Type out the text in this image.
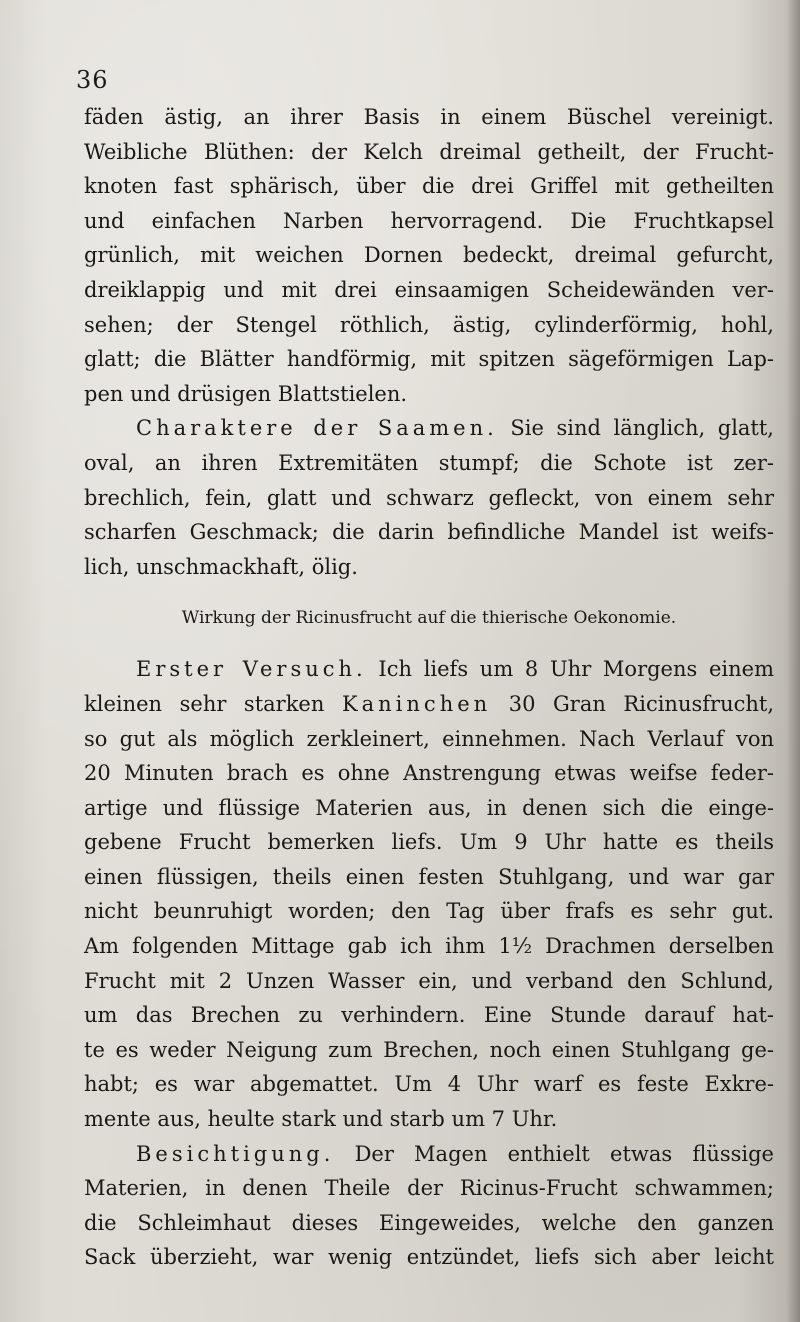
36
fäden ästig, an ihrer Basis in einem Büschel vereinigt.
Weibliche Blüthen: der Kelch dreimal getheilt, der Frucht-
knoten fast sphärisch, über die drei Griffel mit getheilten
und einfachen Narben hervorragend. Die Fruchtkapsel
grünlich, mit weichen Dornen bedeckt, dreimal gefurcht,
dreiklappig und mit drei einsaamigen Scheidewänden ver-
sehen; der Stengel röthlich, ästig, cylinderförmig, hohl,
glatt; die Blätter handförmig, mit spitzen sägeförmigen Lap-
pen und drüsigen Blattstielen.
Charaktere der Saamen. Sie sind länglich, glatt,
oval, an ihren Extremitäten stumpf; die Schote ist zer-
brechlich, fein, glatt und schwarz gefleckt, von einem sehr
scharfen Geschmack; die darin befindliche Mandel ist weifs-
lich, unschmackhaft, ölig.
Wirkung der Ricinusfrucht auf die thierische Oekonomie.
Erster Versuch. Ich liefs um 8 Uhr Morgens einem
kleinen sehr starken Kaninchen 30 Gran Ricinusfrucht,
so gut als möglich zerkleinert, einnehmen. Nach Verlauf von
20 Minuten brach es ohne Anstrengung etwas weifse feder-
artige und flüssige Materien aus, in denen sich die einge-
gebene Frucht bemerken liefs. Um 9 Uhr hatte es theils
einen flüssigen, theils einen festen Stuhlgang, und war gar
nicht beunruhigt worden; den Tag über frafs es sehr gut.
Am folgenden Mittage gab ich ihm 1½ Drachmen derselben
Frucht mit 2 Unzen Wasser ein, und verband den Schlund,
um das Brechen zu verhindern. Eine Stunde darauf hat-
te es weder Neigung zum Brechen, noch einen Stuhlgang ge-
habt; es war abgemattet. Um 4 Uhr warf es feste Exkre-
mente aus, heulte stark und starb um 7 Uhr.
Besichtigung. Der Magen enthielt etwas flüssige
Materien, in denen Theile der Ricinus-Frucht schwammen;
die Schleimhaut dieses Eingeweides, welche den ganzen
Sack überzieht, war wenig entzündet, liefs sich aber leicht
